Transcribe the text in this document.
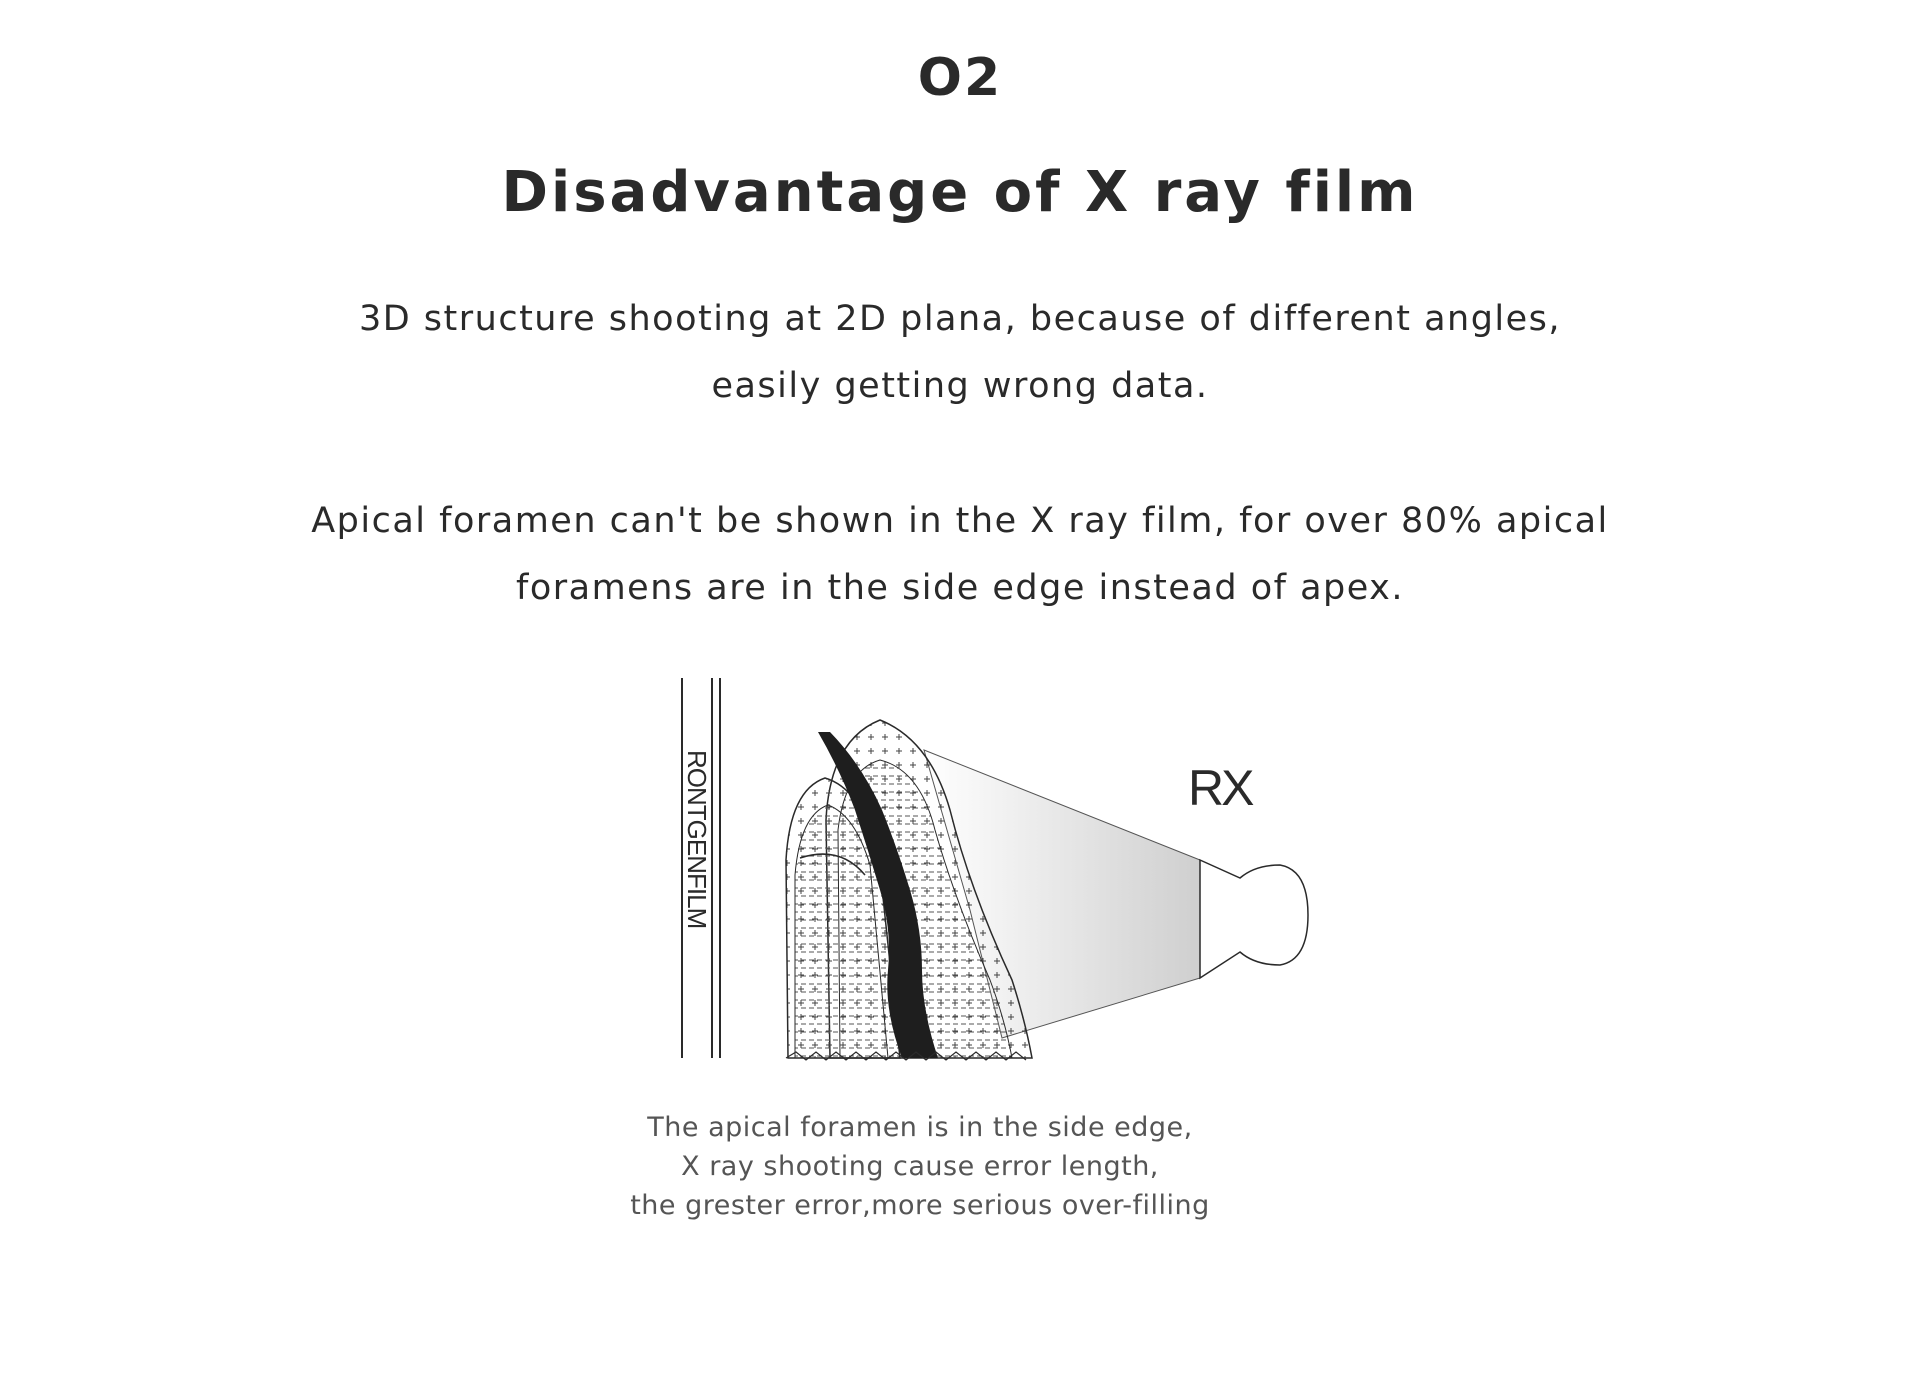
O2
Disadvantage of X ray film
3D structure shooting at 2D plana, because of different angles,
easily getting wrong data.
Apical foramen can't be shown in the X ray film, for over 80% apical
foramens are in the side edge instead of apex.
RONTGENFILM	RX
The apical foramen is in the side edge,
X ray shooting cause error length,
the grester error,more serious over-filling
